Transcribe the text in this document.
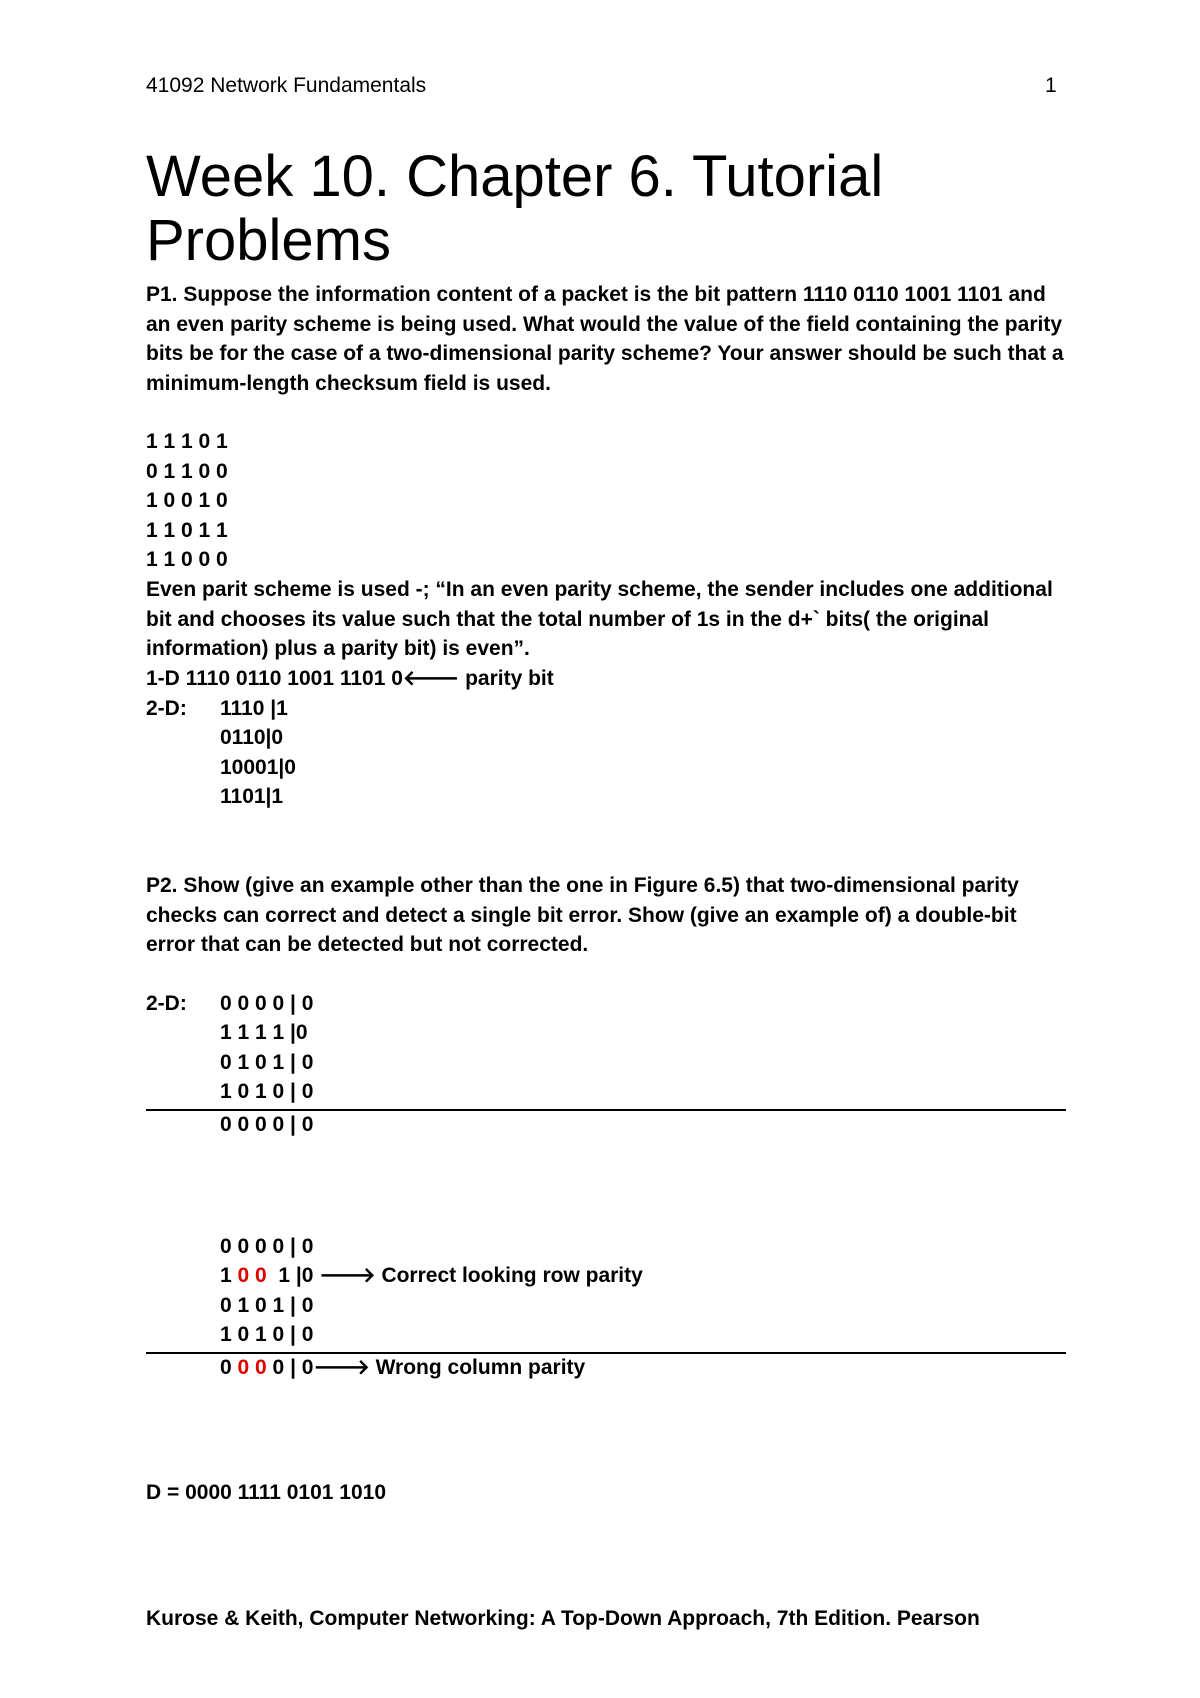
41092 Network Fundamentals	1
Week 10. Chapter 6. Tutorial Problems
P1. Suppose the information content of a packet is the bit pattern 1110 0110 1001 1101 and an even parity scheme is being used. What would the value of the field containing the parity bits be for the case of a two-dimensional parity scheme? Your answer should be such that a minimum-length checksum field is used.
1 1 1 0 1
0 1 1 0 0
1 0 0 1 0
1 1 0 1 1
1 1 0 0 0
Even parit scheme is used -; “In an even parity scheme, the sender includes one additional bit and chooses its value such that the total number of 1s in the d+` bits( the original information) plus a parity bit) is even”.
1-D 1110 0110 1001 1101 0🡐 parity bit
2-D: 1110 |1
0110|0
10001|0
1101|1
P2. Show (give an example other than the one in Figure 6.5) that two-dimensional parity checks can correct and detect a single bit error. Show (give an example of) a double-bit error that can be detected but not corrected.
2-D: 0 0 0 0 | 0
1 1 1 1 |0
0 1 0 1 | 0
1 0 1 0 | 0
0 0 0 0 | 0
0 0 0 0 | 0
1 0 0  1 |0 🡒 Correct looking row parity
0 1 0 1 | 0
1 0 1 0 | 0
0 0 0 0 | 0🡒 Wrong column parity
D = 0000 1111 0101 1010
Kurose & Keith, Computer Networking: A Top-Down Approach, 7th Edition. Pearson
